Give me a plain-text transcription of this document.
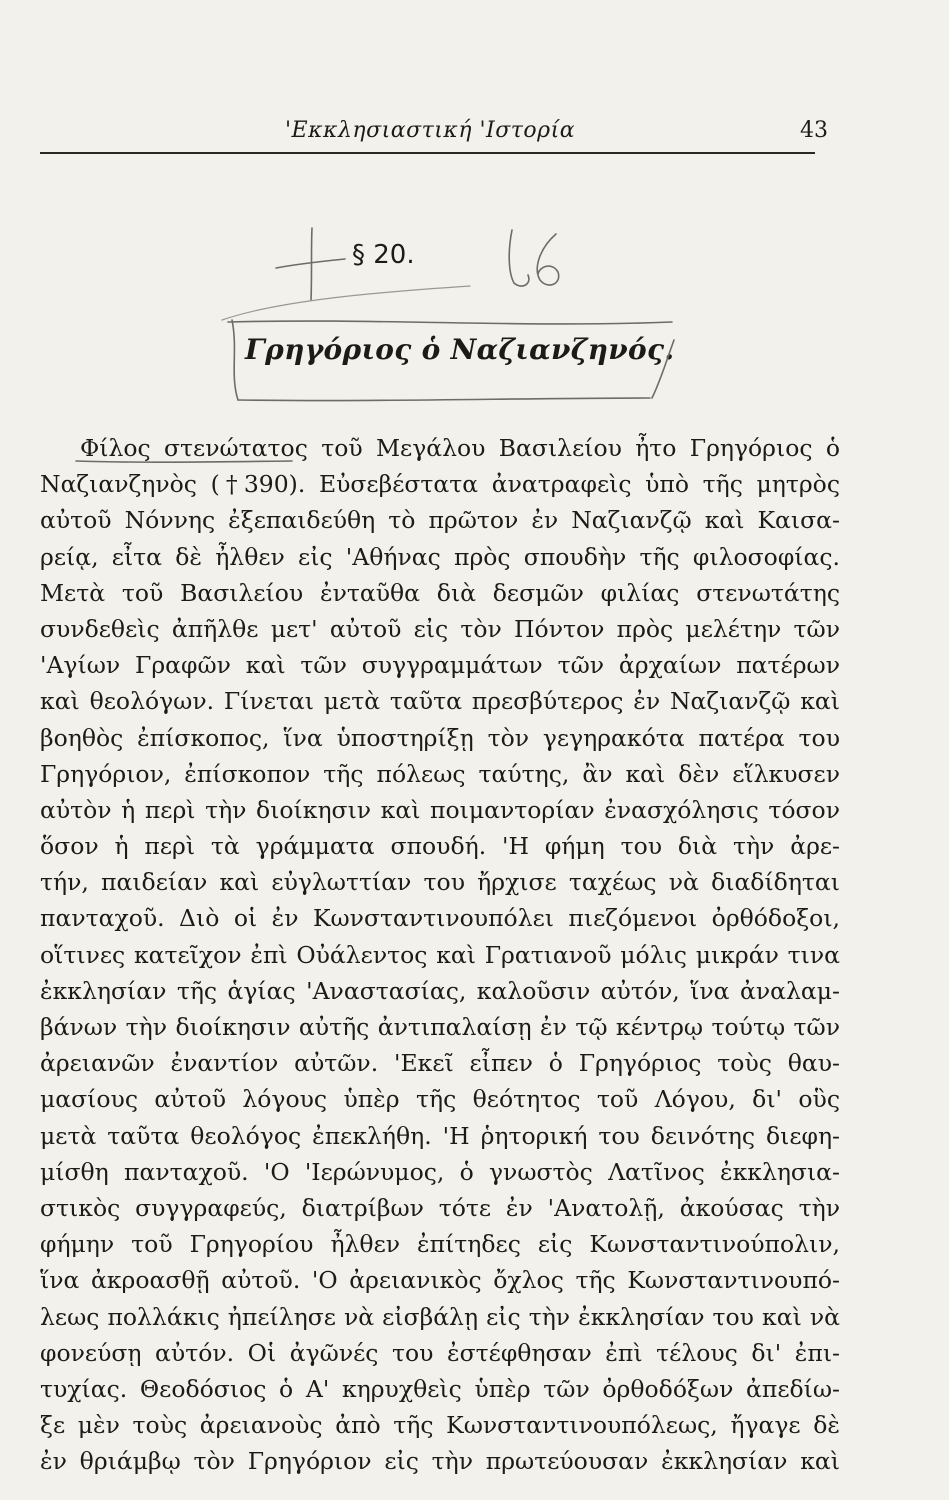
'Εκκλησιαστική 'Ιστορία	43
§ 20.
Γρηγόριος ὁ Ναζιανζηνός.
Φίλος στενώτατος τοῦ Μεγάλου Βασιλείου ἦτο Γρηγόριος ὁ
Ναζιανζηνὸς (†390). Εὐσεβέστατα ἀνατραφεὶς ὑπὸ τῆς μητρὸς
αὐτοῦ Νόννης ἐξεπαιδεύθη τὸ πρῶτον ἐν Ναζιανζῷ καὶ Καισα-
ρείᾳ, εἶτα δὲ ἦλθεν εἰς 'Αθήνας πρὸς σπουδὴν τῆς φιλοσοφίας.
Μετὰ τοῦ Βασιλείου ἐνταῦθα διὰ δεσμῶν φιλίας στενωτάτης
συνδεθεὶς ἀπῆλθε μετ' αὐτοῦ εἰς τὸν Πόντον πρὸς μελέτην τῶν
'Αγίων Γραφῶν καὶ τῶν συγγραμμάτων τῶν ἀρχαίων πατέρων
καὶ θεολόγων. Γίνεται μετὰ ταῦτα πρεσβύτερος ἐν Ναζιανζῷ καὶ
βοηθὸς ἐπίσκοπος, ἵνα ὑποστηρίξῃ τὸν γεγηρακότα πατέρα του
Γρηγόριον, ἐπίσκοπον τῆς πόλεως ταύτης, ἂν καὶ δὲν εἵλκυσεν
αὐτὸν ἡ περὶ τὴν διοίκησιν καὶ ποιμαντορίαν ἐνασχόλησις τόσον
ὅσον ἡ περὶ τὰ γράμματα σπουδή. 'Η φήμη του διὰ τὴν ἀρε-
τήν, παιδείαν καὶ εὐγλωττίαν του ἤρχισε ταχέως νὰ διαδίδηται
πανταχοῦ. Διὸ οἱ ἐν Κωνσταντινουπόλει πιεζόμενοι ὀρθόδοξοι,
οἵτινες κατεῖχον ἐπὶ Οὐάλεντος καὶ Γρατιανοῦ μόλις μικράν τινα
ἐκκλησίαν τῆς ἁγίας 'Αναστασίας, καλοῦσιν αὐτόν, ἵνα ἀναλαμ-
βάνων τὴν διοίκησιν αὐτῆς ἀντιπαλαίσῃ ἐν τῷ κέντρῳ τούτῳ τῶν
ἀρειανῶν ἐναντίον αὐτῶν. 'Εκεῖ εἶπεν ὁ Γρηγόριος τοὺς θαυ-
μασίους αὐτοῦ λόγους ὑπὲρ τῆς θεότητος τοῦ Λόγου, δι' οὓς
μετὰ ταῦτα θεολόγος ἐπεκλήθη. 'Η ῥητορική του δεινότης διεφη-
μίσθη πανταχοῦ. 'Ο 'Ιερώνυμος, ὁ γνωστὸς Λατῖνος ἐκκλησια-
στικὸς συγγραφεύς, διατρίβων τότε ἐν 'Ανατολῇ, ἀκούσας τὴν
φήμην τοῦ Γρηγορίου ἦλθεν ἐπίτηδες εἰς Κωνσταντινούπολιν,
ἵνα ἀκροασθῇ αὐτοῦ. 'Ο ἀρειανικὸς ὄχλος τῆς Κωνσταντινουπό-
λεως πολλάκις ἠπείλησε νὰ εἰσβάλῃ εἰς τὴν ἐκκλησίαν του καὶ νὰ
φονεύσῃ αὐτόν. Οἱ ἀγῶνές του ἐστέφθησαν ἐπὶ τέλους δι' ἐπι-
τυχίας. Θεοδόσιος ὁ Α' κηρυχθεὶς ὑπὲρ τῶν ὀρθοδόξων ἀπεδίω-
ξε μὲν τοὺς ἀρειανοὺς ἀπὸ τῆς Κωνσταντινουπόλεως, ἤγαγε δὲ
ἐν θριάμβῳ τὸν Γρηγόριον εἰς τὴν πρωτεύουσαν ἐκκλησίαν καὶ
